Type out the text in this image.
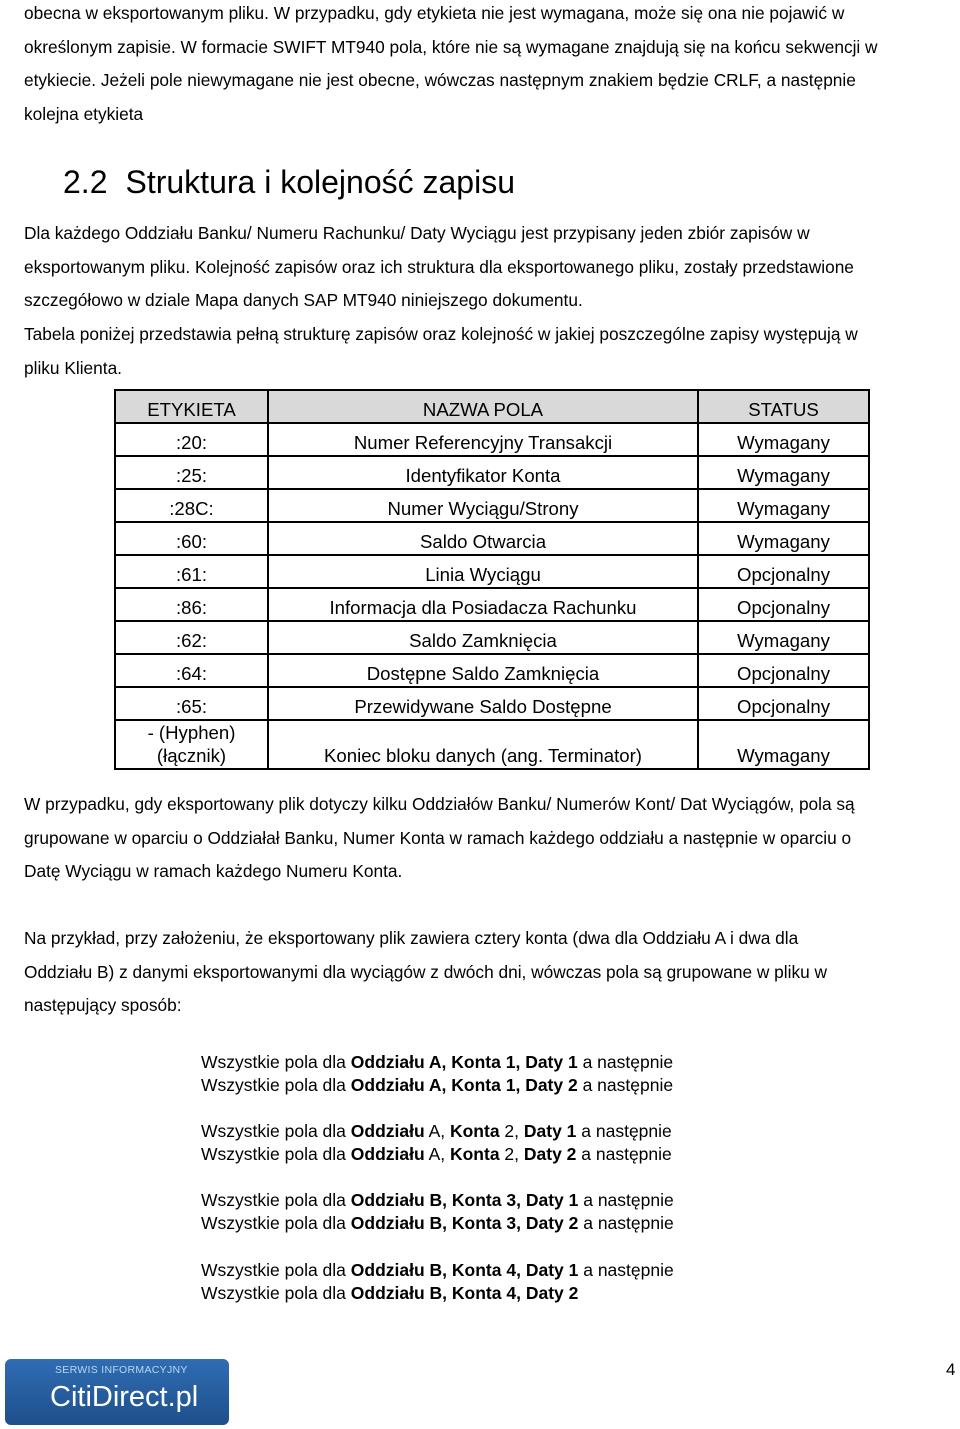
obecna w eksportowanym pliku. W przypadku, gdy etykieta nie jest wymagana, może się ona nie pojawić w
określonym zapisie. W formacie SWIFT MT940 pola, które nie są wymagane znajdują się na końcu sekwencji w
etykiecie. Jeżeli pole niewymagane nie jest obecne, wówczas następnym znakiem będzie CRLF, a następnie
kolejna etykieta
2.2 Struktura i kolejność zapisu
Dla każdego Oddziału Banku/ Numeru Rachunku/ Daty Wyciągu jest przypisany jeden zbiór zapisów w
eksportowanym pliku. Kolejność zapisów oraz ich struktura dla eksportowanego pliku, zostały przedstawione
szczegółowo w dziale Mapa danych SAP MT940 niniejszego dokumentu.
Tabela poniżej przedstawia pełną strukturę zapisów oraz kolejność w jakiej poszczególne zapisy występują w
pliku Klienta.
ETYKIETA	NAZWA POLA	STATUS
:20:	Numer Referencyjny Transakcji	Wymagany
:25:	Identyfikator Konta	Wymagany
:28C:	Numer Wyciągu/Strony	Wymagany
:60:	Saldo Otwarcia	Wymagany
:61:	Linia Wyciągu	Opcjonalny
:86:	Informacja dla Posiadacza Rachunku	Opcjonalny
:62:	Saldo Zamknięcia	Wymagany
:64:	Dostępne Saldo Zamknięcia	Opcjonalny
:65:	Przewidywane Saldo Dostępne	Opcjonalny

- (Hyphen)
(łącznik)	Koniec bloku danych (ang. Terminator)	Wymagany
W przypadku, gdy eksportowany plik dotyczy kilku Oddziałów Banku/ Numerów Kont/ Dat Wyciągów, pola są
grupowane w oparciu o Oddziałał Banku, Numer Konta w ramach każdego oddziału a następnie w oparciu o
Datę Wyciągu w ramach każdego Numeru Konta.
Na przykład, przy założeniu, że eksportowany plik zawiera cztery konta (dwa dla Oddziału A i dwa dla
Oddziału B) z danymi eksportowanymi dla wyciągów z dwóch dni, wówczas pola są grupowane w pliku w
następujący sposób:
Wszystkie pola dla Oddziału A, Konta 1, Daty 1 a następnie
Wszystkie pola dla Oddziału A, Konta 1, Daty 2 a następnie
Wszystkie pola dla Oddziału A, Konta 2, Daty 1 a następnie
Wszystkie pola dla Oddziału A, Konta 2, Daty 2 a następnie
Wszystkie pola dla Oddziału B, Konta 3, Daty 1 a następnie
Wszystkie pola dla Oddziału B, Konta 3, Daty 2 a następnie
Wszystkie pola dla Oddziału B, Konta 4, Daty 1 a następnie
Wszystkie pola dla Oddziału B, Konta 4, Daty 2
SERWIS INFORMACYJNY
CitiDirect.pl
4
